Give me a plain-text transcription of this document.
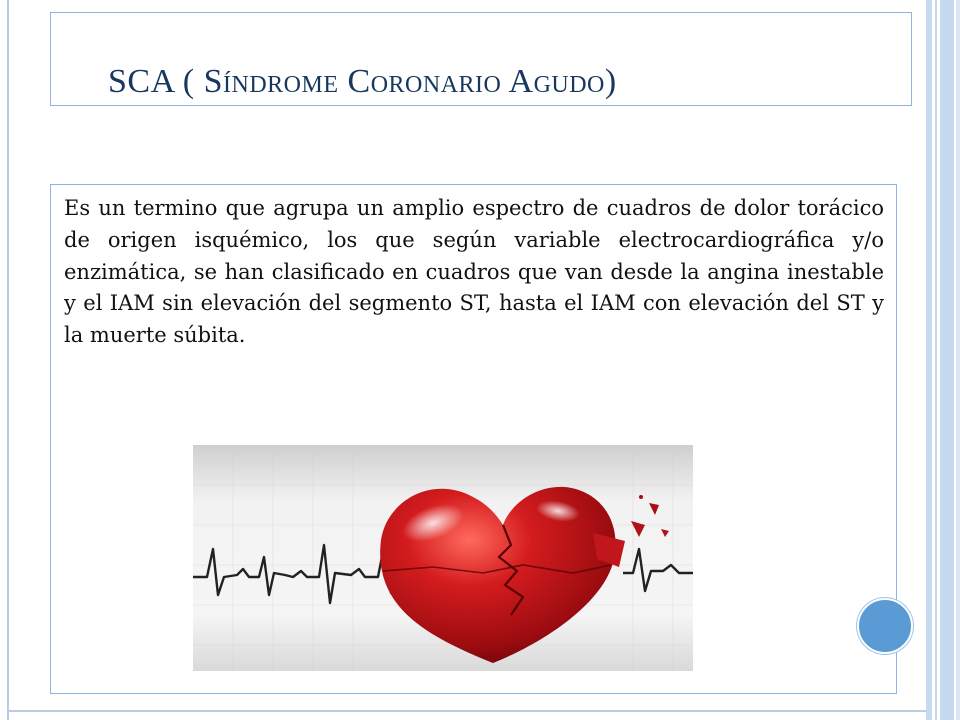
SCA ( SÍNDROME CORONARIO AGUDO)

Es un termino que agrupa un amplio espectro de cuadros de dolor torácico de origen isquémico, los que según variable electrocardiográfica y/o enzimática, se han clasificado en cuadros que van desde la angina inestable y el IAM sin elevación del segmento ST, hasta el IAM con elevación del ST y la muerte súbita.
